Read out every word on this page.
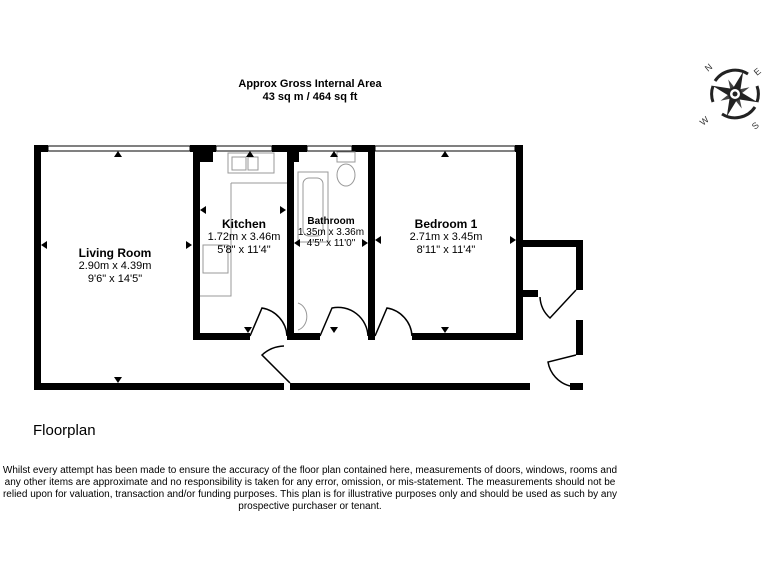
Approx Gross Internal Area
43 sq m / 464 sq ft
N	E
W	S
Living Room
2.90m x 4.39m
9'6" x 14'5"
Kitchen
1.72m x 3.46m
5'8" x 11'4"
Bathroom
1.35m x 3.36m
4'5" x 11'0"
Bedroom 1
2.71m x 3.45m
8'11" x 11'4"
Floorplan
Whilst every attempt has been made to ensure the accuracy of the floor plan contained here, measurements of doors, windows, rooms and any other items are approximate and no responsibility is taken for any error, omission, or mis-statement. The measurements should not be relied upon for valuation, transaction and/or funding purposes. This plan is for illustrative purposes only and should be used as such by any prospective purchaser or tenant.
